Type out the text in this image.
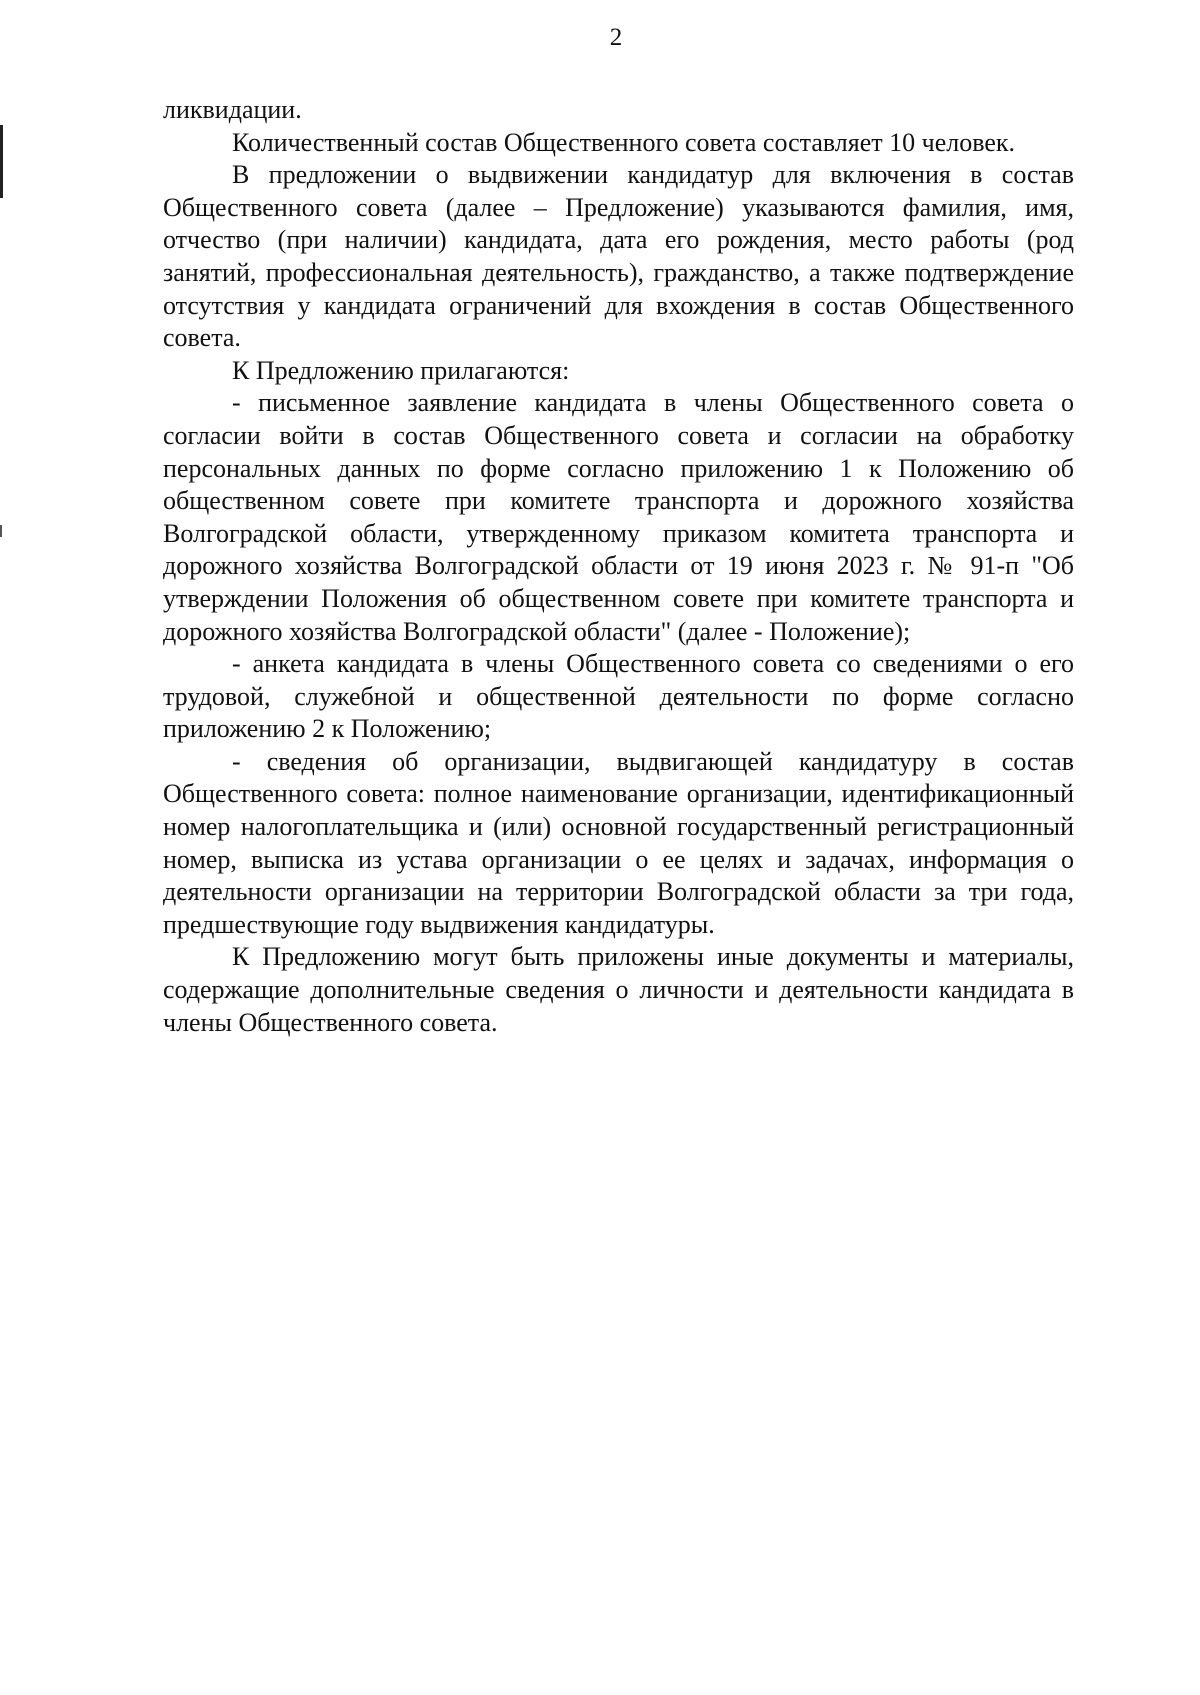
2

ликвидации.

Количественный состав Общественного совета составляет 10 человек.

В предложении о выдвижении кандидатур для включения в состав Общественного совета (далее – Предложение) указываются фамилия, имя, отчество (при наличии) кандидата, дата его рождения, место работы (род занятий, профессиональная деятельность), гражданство, а также подтверждение отсутствия у кандидата ограничений для вхождения в состав Общественного совета.

К Предложению прилагаются:

- письменное заявление кандидата в члены Общественного совета о согласии войти в состав Общественного совета и согласии на обработку персональных данных по форме согласно приложению 1 к Положению об общественном совете при комитете транспорта и дорожного хозяйства Волгоградской области, утвержденному приказом комитета транспорта и дорожного хозяйства Волгоградской области от 19 июня 2023 г. № 91-п "Об утверждении Положения об общественном совете при комитете транспорта и дорожного хозяйства Волгоградской области" (далее - Положение);

- анкета кандидата в члены Общественного совета со сведениями о его трудовой, служебной и общественной деятельности по форме согласно приложению 2 к Положению;

- сведения об организации, выдвигающей кандидатуру в состав Общественного совета: полное наименование организации, идентификационный номер налогоплательщика и (или) основной государственный регистрационный номер, выписка из устава организации о ее целях и задачах, информация о деятельности организации на территории Волгоградской области за три года, предшествующие году выдвижения кандидатуры.

К Предложению могут быть приложены иные документы и материалы, содержащие дополнительные сведения о личности и деятельности кандидата в члены Общественного совета.
